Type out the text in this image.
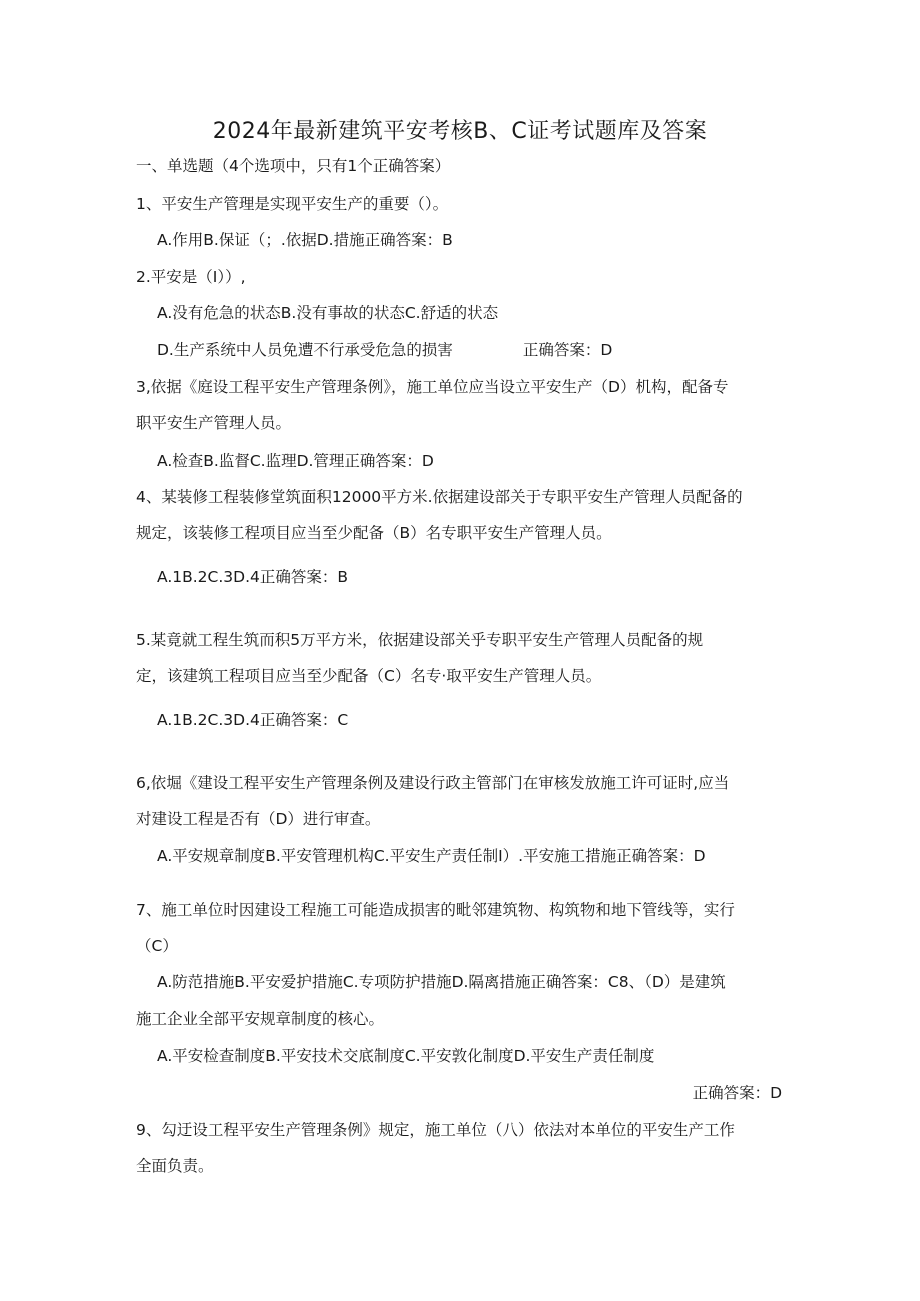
2024年最新建筑平安考核B、C证考试题库及答案
一、单选题（4个选项中，只有1个正确答案）
1、平安生产管理是实现平安生产的重要（）。
A.作用B.保证（；.依据D.措施正确答案：B
2.平安是（I））,
A.没有危急的状态B.没有事故的状态C.舒适的状态
D.生产系统中人员免遭不行承受危急的损害	正确答案：D
3,依据《庭设工程平安生产管理条例》，施工单位应当设立平安生产（D）机构，配备专
职平安生产管理人员。
A.检查B.监督C.监理D.管理正确答案：D
4、某装修工程装修堂筑面积12000平方米.依据建设部关于专职平安生产管理人员配备的
规定，该装修工程项目应当至少配备（B）名专职平安生产管理人员。
A.1B.2C.3D.4正确答案：B
5.某竟就工程生筑而积5万平方米，依据建设部关乎专职平安生产管理人员配备的规
定，该建筑工程项目应当至少配备（C）名专·取平安生产管理人员。
A.1B.2C.3D.4正确答案：C
6,依堀《建设工程平安生产管理条例及建设行政主管部门在审核发放施工许可证时,应当
对建设工程是否有（D）进行审查。
A.平安规章制度B.平安管理机构C.平安生产责任制I）.平安施工措施正确答案：D
7、施工单位时因建设工程施工可能造成损害的毗邻建筑物、构筑物和地下管线等，实行
（C）
A.防范措施B.平安爱护措施C.专项防护措施D.隔离措施正确答案：C8、（D）是建筑
施工企业全部平安规章制度的核心。
A.平安检查制度B.平安技术交底制度C.平安敦化制度D.平安生产责任制度
正确答案：D
9、勾迂设工程平安生产管理条例》规定，施工单位（八）依法对本单位的平安生产工作
全面负责。
